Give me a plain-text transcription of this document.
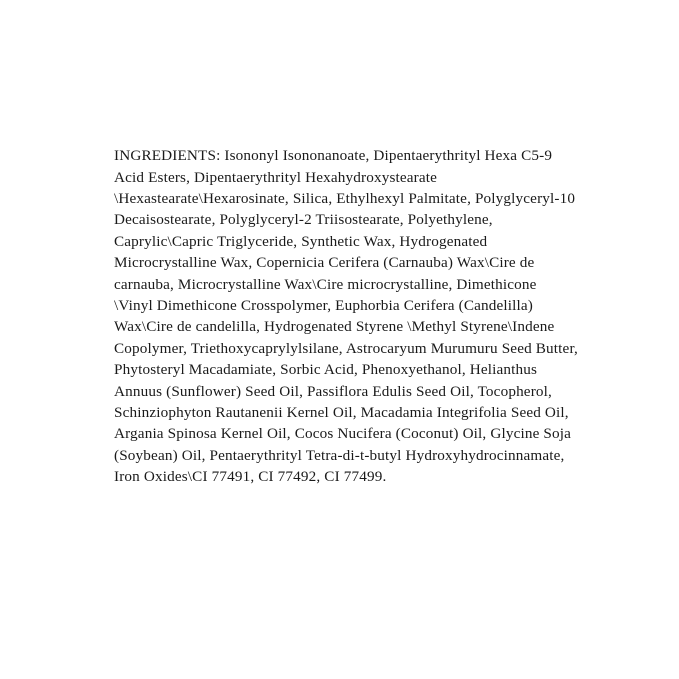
INGREDIENTS: Isononyl Isononanoate, Dipentaerythrityl Hexa C5-9 Acid Esters, Dipentaerythrityl Hexahydroxystearate \Hexastearate\Hexarosinate, Silica, Ethylhexyl Palmitate, Polyglyceryl-10 Decaisostearate, Polyglyceryl-2 Triisostearate, Polyethylene, Caprylic\Capric Triglyceride, Synthetic Wax, Hydrogenated Microcrystalline Wax, Copernicia Cerifera (Carnauba) Wax\Cire de carnauba, Microcrystalline Wax\Cire microcrystalline, Dimethicone \Vinyl Dimethicone Crosspolymer, Euphorbia Cerifera (Candelilla) Wax\Cire de candelilla, Hydrogenated Styrene \Methyl Styrene\Indene Copolymer, Triethoxycaprylylsilane, Astrocaryum Murumuru Seed Butter, Phytosteryl Macadamiate, Sorbic Acid, Phenoxyethanol, Helianthus Annuus (Sunflower) Seed Oil, Passiflora Edulis Seed Oil, Tocopherol, Schinziophyton Rautanenii Kernel Oil, Macadamia Integrifolia Seed Oil, Argania Spinosa Kernel Oil, Cocos Nucifera (Coconut) Oil, Glycine Soja (Soybean) Oil, Pentaerythrityl Tetra-di-t-butyl Hydroxyhydrocinnamate, Iron Oxides\CI 77491, CI 77492, CI 77499.
